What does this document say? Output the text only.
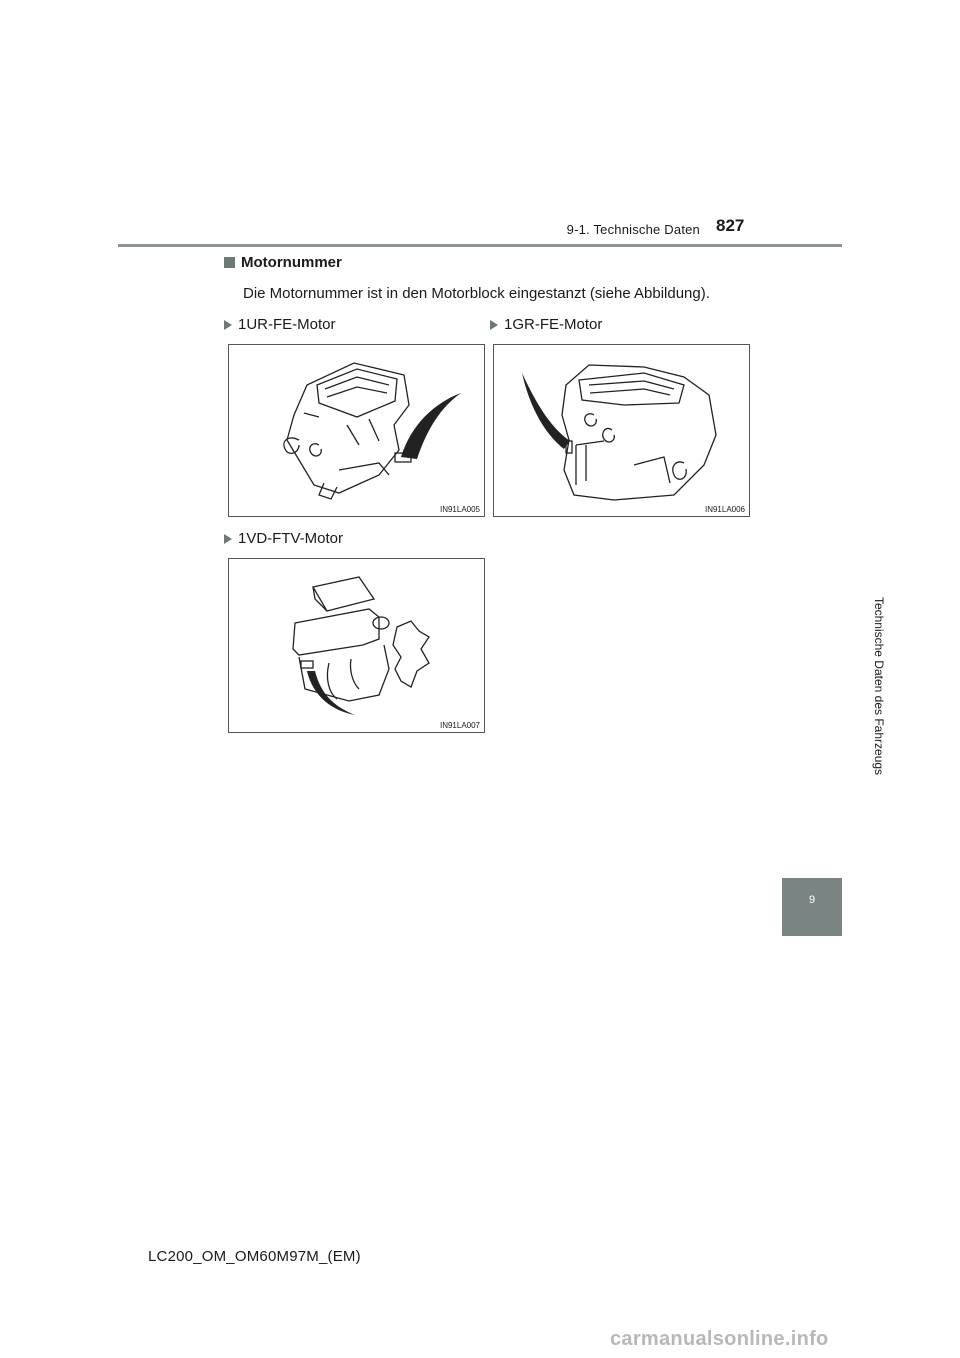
9-1. Technische Daten 827
Technische Daten des Fahrzeugs
9
Motornummer
Die Motornummer ist in den Motorblock eingestanzt (siehe Abbildung).
1UR-FE-Motor
IN91LA005
1GR-FE-Motor
IN91LA006
1VD-FTV-Motor
IN91LA007
LC200_OM_OM60M97M_(EM)
carmanualsonline.info
